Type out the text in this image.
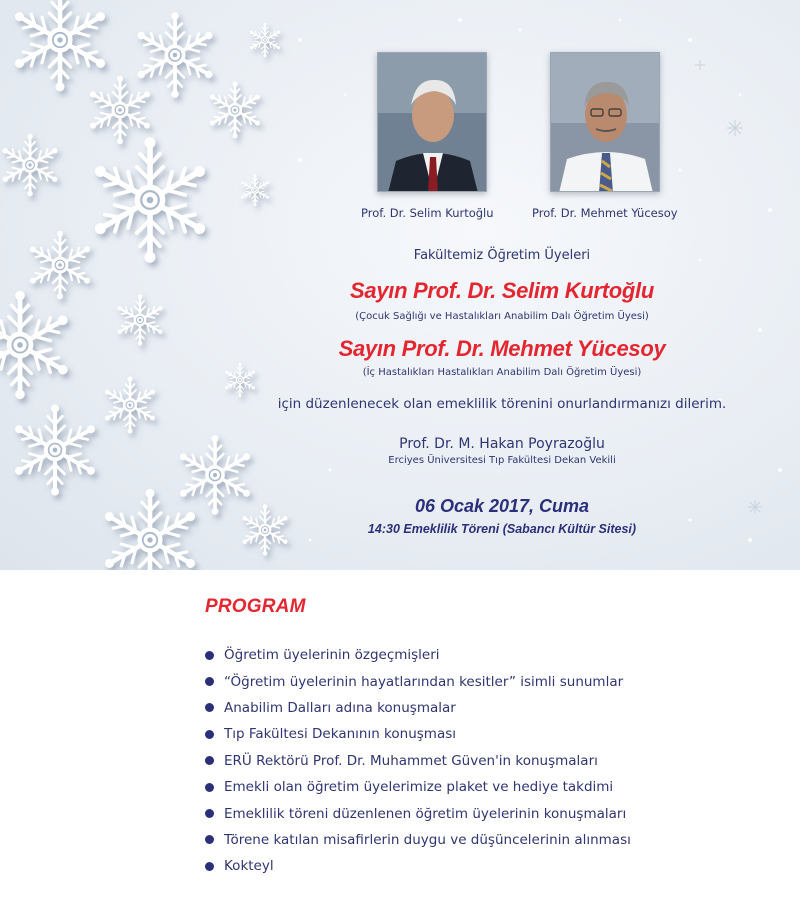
Prof. Dr. Selim Kurtoğlu	Prof. Dr. Mehmet Yücesoy
Fakültemiz Öğretim Üyeleri
Sayın Prof. Dr. Selim Kurtoğlu
(Çocuk Sağlığı ve Hastalıkları Anabilim Dalı Öğretim Üyesi)
Sayın Prof. Dr. Mehmet Yücesoy
(İç Hastalıkları Hastalıkları Anabilim Dalı Öğretim Üyesi)
için düzenlenecek olan emeklilik törenini onurlandırmanızı dilerim.
Prof. Dr. M. Hakan Poyrazoğlu
Erciyes Üniversitesi Tıp Fakültesi Dekan Vekili
06 Ocak 2017, Cuma
14:30 Emeklilik Töreni (Sabancı Kültür Sitesi)
PROGRAM
Öğretim üyelerinin özgeçmişleri
“Öğretim üyelerinin hayatlarından kesitler” isimli sunumlar
Anabilim Dalları adına konuşmalar
Tıp Fakültesi Dekanının konuşması
ERÜ Rektörü Prof. Dr. Muhammet Güven'in konuşmaları
Emekli olan öğretim üyelerimize plaket ve hediye takdimi
Emeklilik töreni düzenlenen öğretim üyelerinin konuşmaları
Törene katılan misafirlerin duygu ve düşüncelerinin alınması
Kokteyl
